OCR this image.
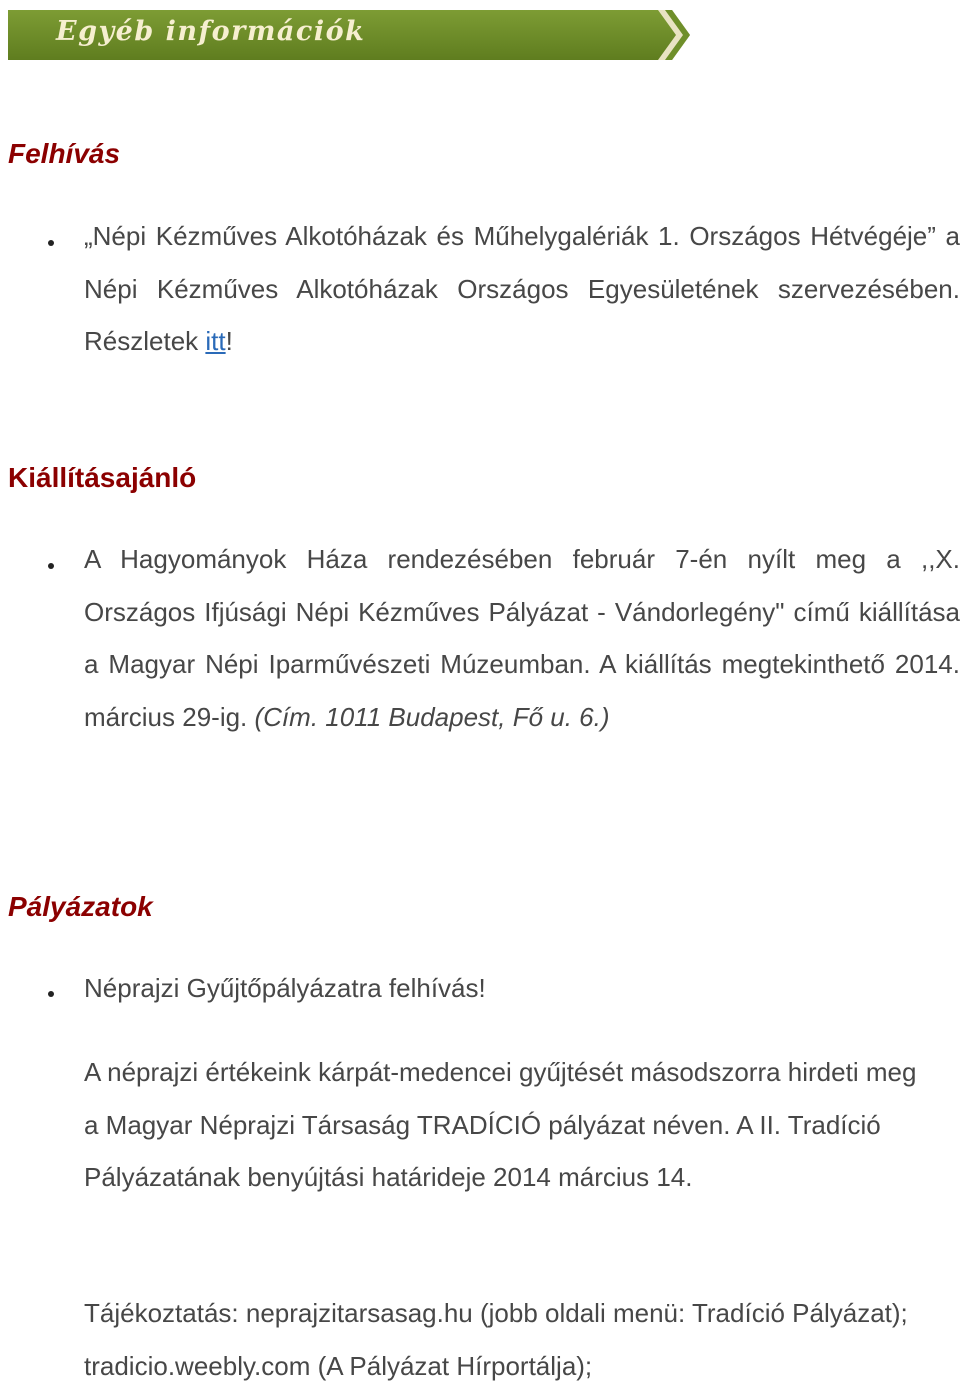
Egyéb információk
Felhívás

„Népi Kézműves Alkotóházak és Műhelygalériák 1. Országos Hétvégéje” a Népi Kézműves Alkotóházak Országos Egyesületének szervezésében. Részletek itt!

Kiállításajánló

A Hagyományok Háza rendezésében február 7-én nyílt meg a ,,X. Országos Ifjúsági Népi Kézműves Pályázat - Vándorlegény" című kiállítása a Magyar Népi Iparművészeti Múzeumban. A kiállítás megtekinthető 2014. március 29-ig. (Cím. 1011 Budapest, Fő u. 6.)

Pályázatok

Néprajzi Gyűjtőpályázatra felhívás!

A néprajzi értékeink kárpát-medencei gyűjtését másodszorra hirdeti meg a Magyar Néprajzi Társaság TRADÍCIÓ pályázat néven. A II. Tradíció Pályázatának benyújtási határideje 2014 március 14.

Tájékoztatás: neprajzitarsasag.hu (jobb oldali menü: Tradíció Pályázat); tradicio.weebly.com (A Pályázat Hírportálja);
